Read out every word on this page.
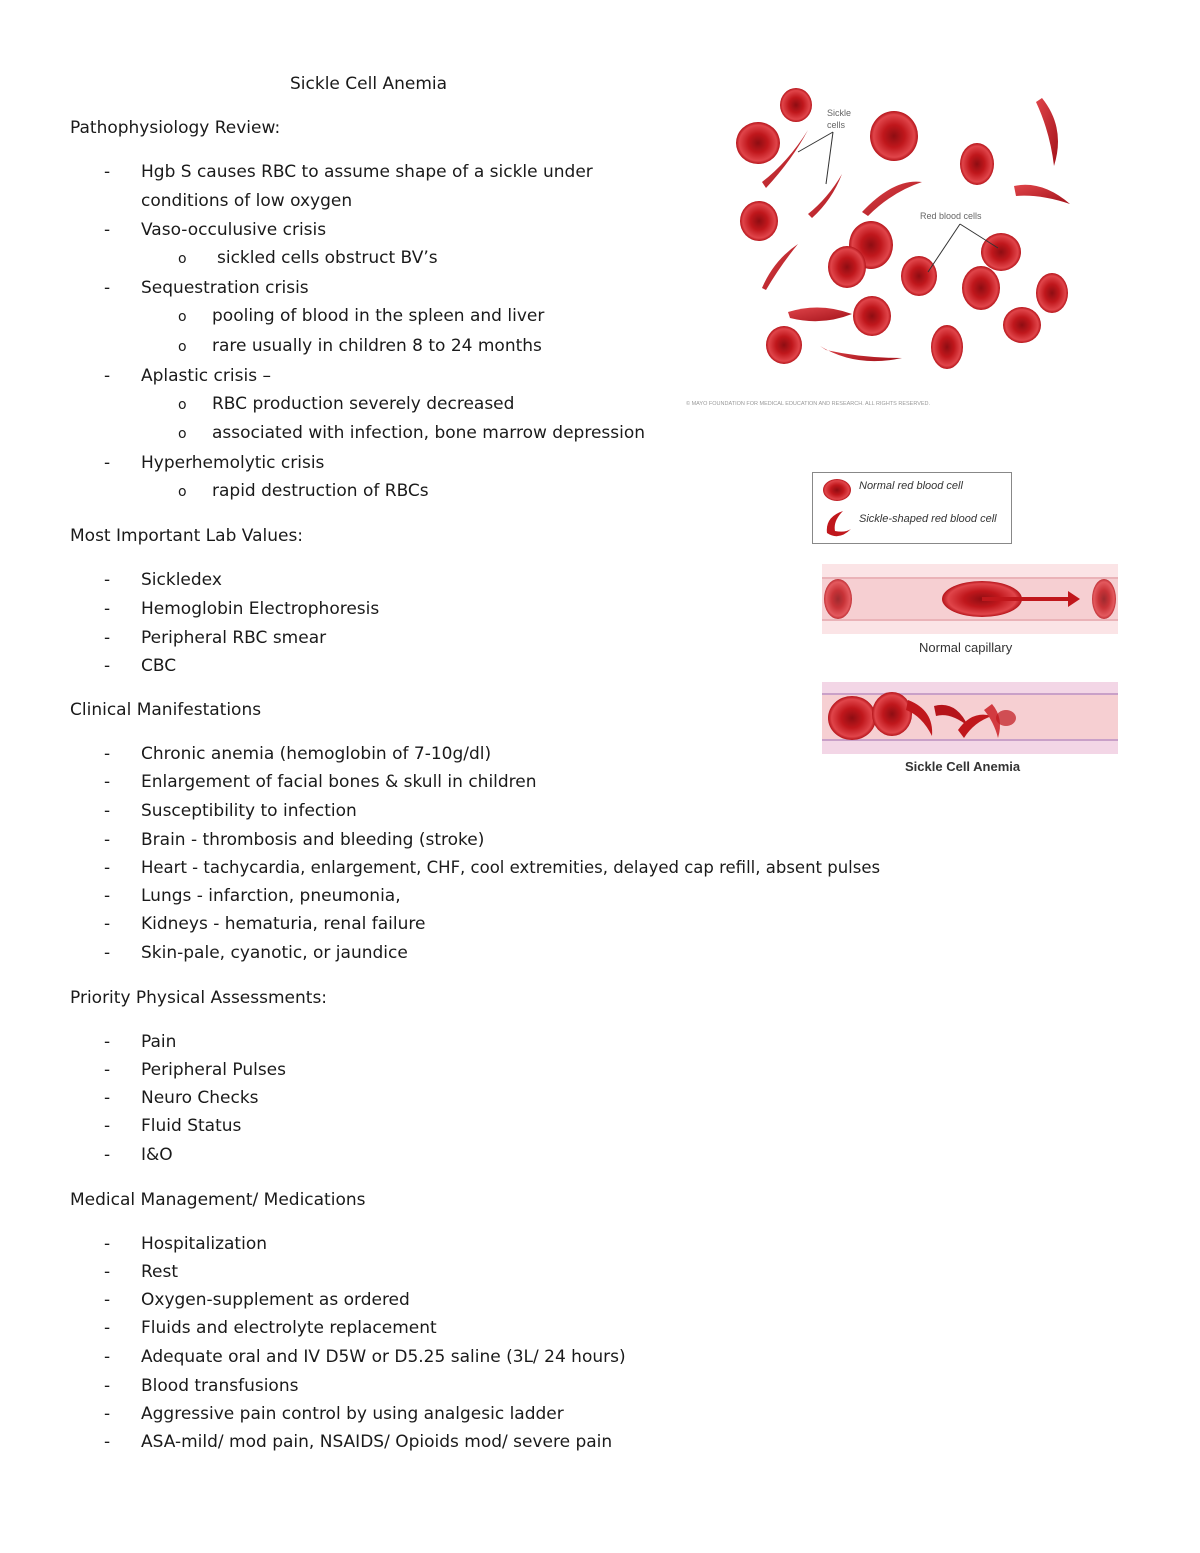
Sickle Cell Anemia
Pathophysiology Review:
- Hgb S causes RBC to assume shape of a sickle under
conditions of low oxygen
- Vaso-occulusive crisis
o sickled cells obstruct BV’s
- Sequestration crisis
o pooling of blood in the spleen and liver
o rare usually in children 8 to 24 months
- Aplastic crisis –
o RBC production severely decreased
o associated with infection, bone marrow depression
- Hyperhemolytic crisis
o rapid destruction of RBCs
Most Important Lab Values:
- Sickledex
- Hemoglobin Electrophoresis
- Peripheral RBC smear
- CBC
Clinical Manifestations
- Chronic anemia (hemoglobin of 7-10g/dl)
- Enlargement of facial bones & skull in children
- Susceptibility to infection
- Brain - thrombosis and bleeding (stroke)
- Heart - tachycardia, enlargement, CHF, cool extremities, delayed cap refill, absent pulses
- Lungs - infarction, pneumonia,
- Kidneys - hematuria, renal failure
- Skin-pale, cyanotic, or jaundice
Priority Physical Assessments:
- Pain
- Peripheral Pulses
- Neuro Checks
- Fluid Status
- I&O
Medical Management/ Medications
- Hospitalization
- Rest
- Oxygen-supplement as ordered
- Fluids and electrolyte replacement
- Adequate oral and IV D5W or D5.25 saline (3L/ 24 hours)
- Blood transfusions
- Aggressive pain control by using analgesic ladder
- ASA-mild/ mod pain, NSAIDS/ Opioids mod/ severe pain
Sickle
cells
Red blood cells
© MAYO FOUNDATION FOR MEDICAL EDUCATION AND RESEARCH. ALL RIGHTS RESERVED.
Normal red blood cell
Sickle-shaped red blood cell
Normal capillary
Sickle Cell Anemia
